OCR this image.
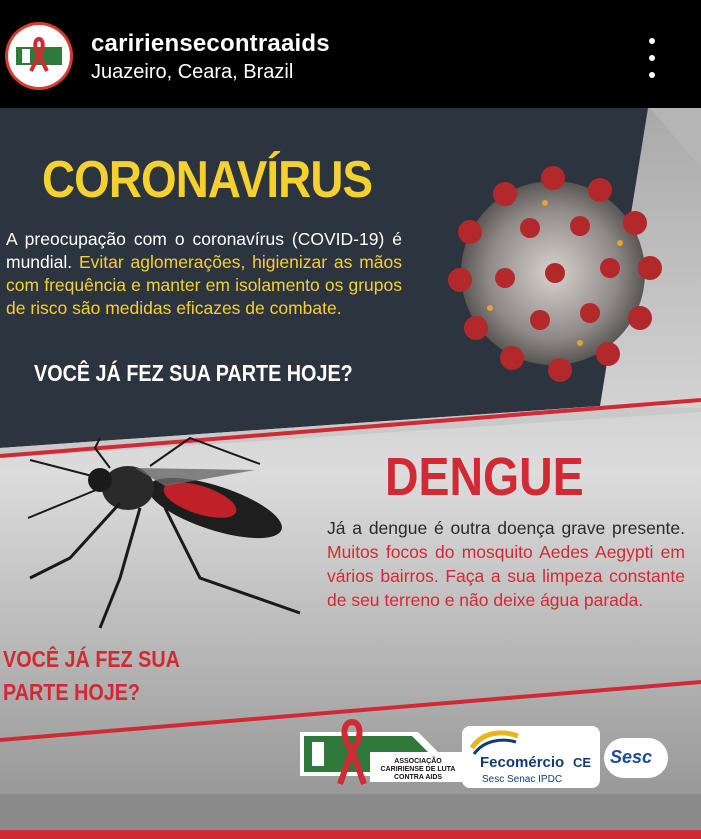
caririensecontraaids
Juazeiro, Ceara, Brazil
CORONAVÍRUS
A preocupação com o coronavírus (COVID-19) é mundial. Evitar aglomerações, higienizar as mãos com frequência e manter em isolamento os grupos de risco são medidas eficazes de combate.
VOCÊ JÁ FEZ SUA PARTE HOJE?
DENGUE
Já a dengue é outra doença grave presente. Muitos focos do mosquito Aedes Aegypti em vários bairros. Faça a sua limpeza constante de seu terreno e não deixe água parada.
VOCÊ JÁ FEZ SUA PARTE HOJE?
ASSOCIAÇÃO CARIRIENSE DE LUTA CONTRA AIDS
Fecomércio CE
Sesc Senac IPDC
Sesc
